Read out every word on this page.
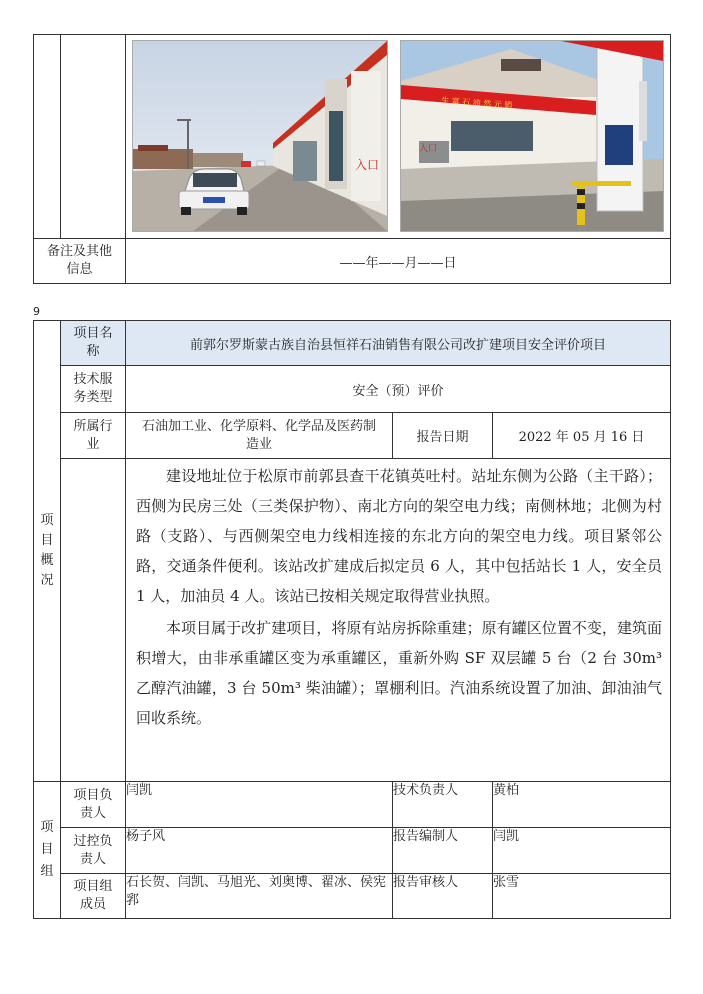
备注及其他信息		——年——月——日
入口
生 富 石 油 然 元 销
入口
9
项目概况	项目名称	前郭尔罗斯蒙古族自治县恒祥石油销售有限公司改扩建项目安全评价项目		
	技术服务类型	安全（预）评价		
	所属行业	石油加工业、化学原料、化学品及医药制造业	报告日期	2022 年 05 月 16 日

		建设地址位于松原市前郭县查干花镇英吐村。站址东侧为公路（主干路）；西侧为民房三处（三类保护物）、南北方向的架空电力线；南侧林地；北侧为村路（支路）、与西侧架空电力线相连接的东北方向的架空电力线。项目紧邻公路，交通条件便利。该站改扩建成后拟定员 6 人，其中包括站长 1 人，安全员 1 人，加油员 4 人。该站已按相关规定取得营业执照。

本项目属于改扩建项目，将原有站房拆除重建；原有罐区位置不变，建筑面积增大，由非承重罐区变为承重罐区，重新外购 SF 双层罐 5 台（2 台 30m³ 乙醇汽油罐，3 台 50m³ 柴油罐）；罩棚利旧。汽油系统设置了加油、卸油油气回收系统。		

项目组	项目负责人	闫凯	技术负责人	黄柏
	过控负责人	杨子风	报告编制人	闫凯
	项目组成员	石长贺、闫凯、马旭光、刘奥博、翟冰、侯宪郛	报告审核人	张雪
